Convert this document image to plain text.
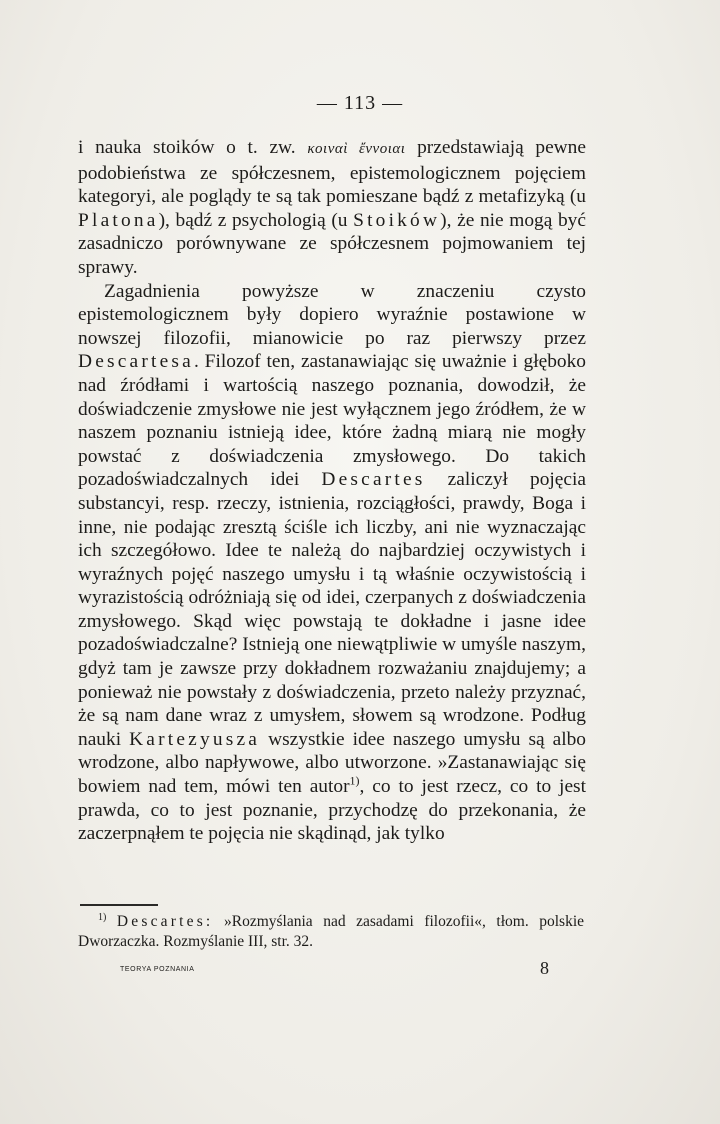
— 113 —

i nauka stoików o t. zw. κοιναὶ ἔννοιαι przedstawiają pewne podobieństwa ze spółczesnem, epistemologicznem pojęciem kategoryi, ale poglądy te są tak pomieszane bądź z metafizyką (u Platona), bądź z psychologią (u Stoików), że nie mogą być zasadniczo porównywane ze spółczesnem pojmowaniem tej sprawy.

Zagadnienia powyższe w znaczeniu czysto epistemologicznem były dopiero wyraźnie postawione w nowszej filozofii, mianowicie po raz pierwszy przez Descartesa. Filozof ten, zastanawiając się uważnie i głęboko nad źródłami i wartością naszego poznania, dowodził, że doświadczenie zmysłowe nie jest wyłącznem jego źródłem, że w naszem poznaniu istnieją idee, które żadną miarą nie mogły powstać z doświadczenia zmysłowego. Do takich pozadoświadczalnych idei Descartes zaliczył pojęcia substancyi, resp. rzeczy, istnienia, rozciągłości, prawdy, Boga i inne, nie podając zresztą ściśle ich liczby, ani nie wyznaczając ich szczegółowo. Idee te należą do najbardziej oczywistych i wyraźnych pojęć naszego umysłu i tą właśnie oczywistością i wyrazistością odróżniają się od idei, czerpanych z doświadczenia zmysłowego. Skąd więc powstają te dokładne i jasne idee pozadoświadczalne? Istnieją one niewątpliwie w umyśle naszym, gdyż tam je zawsze przy dokładnem rozważaniu znajdujemy; a ponieważ nie powstały z doświadczenia, przeto należy przyznać, że są nam dane wraz z umysłem, słowem są wrodzone. Podług nauki Kartezyusza wszystkie idee naszego umysłu są albo wrodzone, albo napływowe, albo utworzone. »Zastanawiając się bowiem nad tem, mówi ten autor$^{1)}$, co to jest rzecz, co to jest prawda, co to jest poznanie, przychodzę do przekonania, że zaczerpnąłem te pojęcia nie skądinąd, jak tylko

$^{1)}$ Descartes: »Rozmyślania nad zasadami filozofii«, tłom. polskie Dworzaczka. Rozmyślanie III, str. 32.
TEORYA POZNANIA	8
